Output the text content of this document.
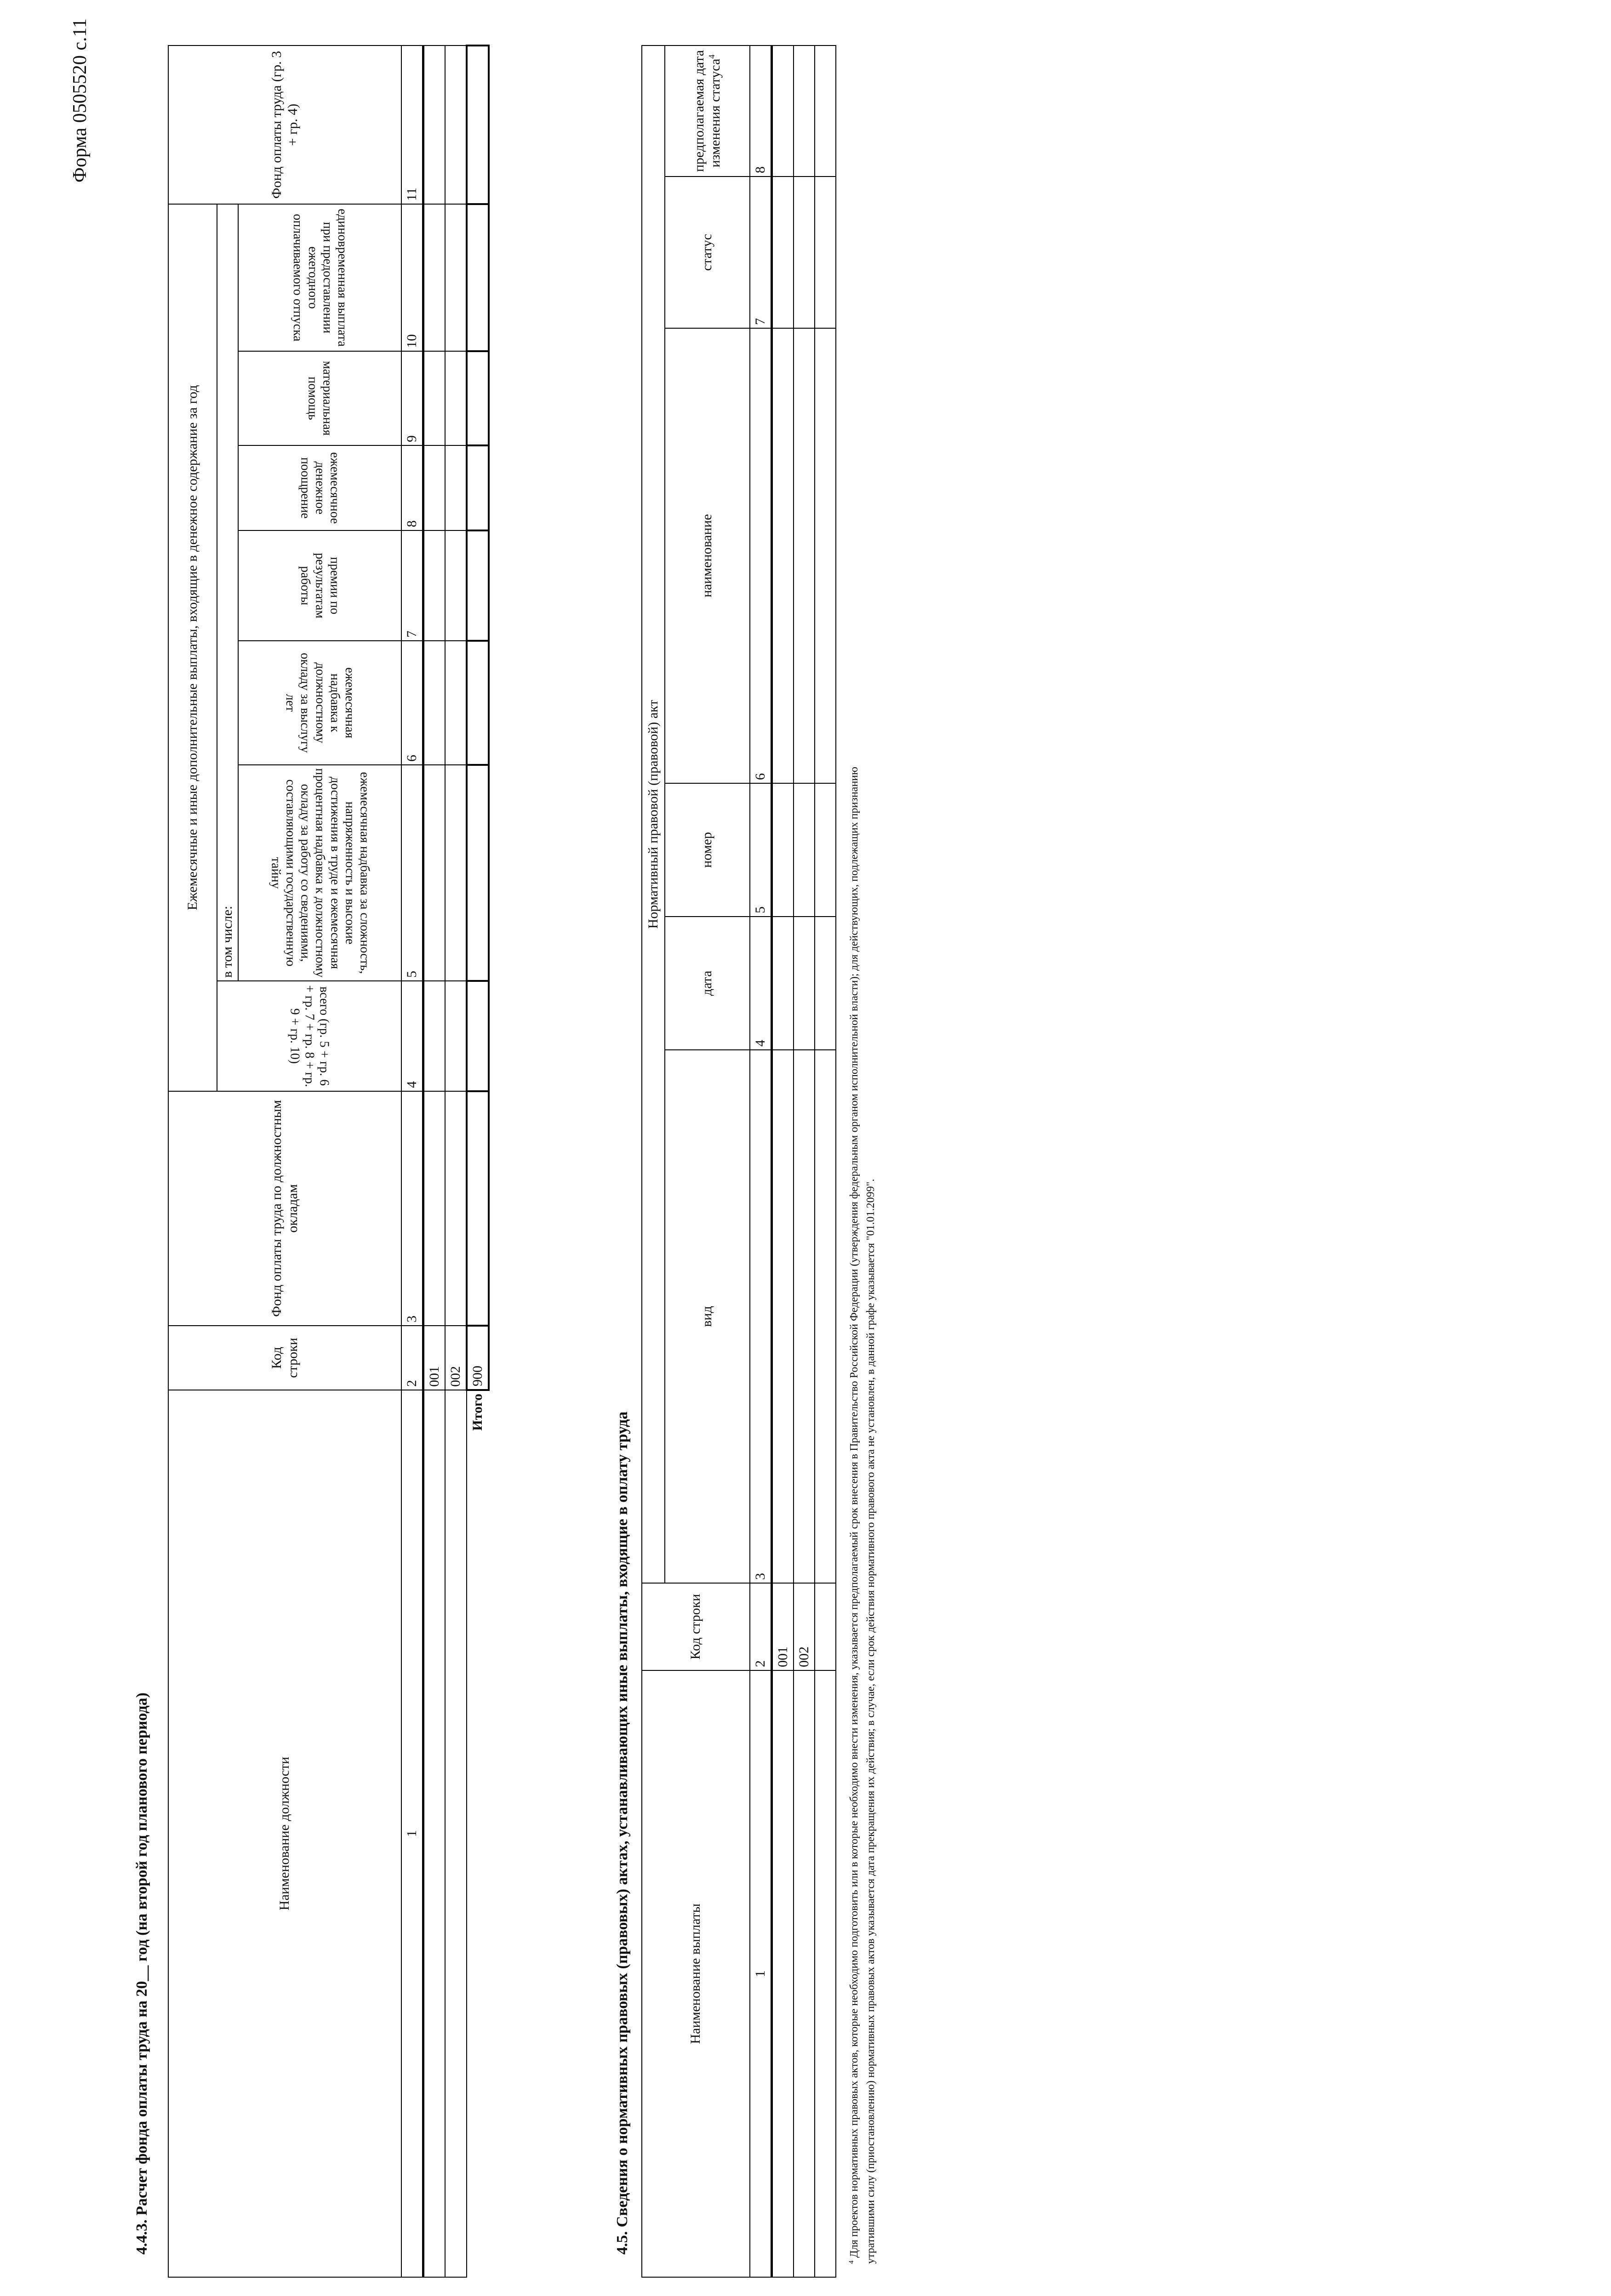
Форма 0505520 с.11
4.4.3. Расчет фонда оплаты труда на 20__ год (на второй год планового периода)	Наименование должности	Код строки	Фонд оплаты труда по должностным окладам	Ежемесячные и иные дополнительные выплаты, входящие в денежное содержание за год							Фонд оплаты труда (гр. 3 + гр. 4)
			всего (гр. 5 + гр. 6 + гр. 7 + гр. 8 + гр. 9 + гр. 10)	в том числе:						
				ежемесячная надбавка за сложность, напряженность и высокие достижения в труде и ежемесячная процентная надбавка к должностному окладу за работу со сведениями, составляющими государственную тайну	ежемесячная надбавка к должностному окладу за выслугу лет	премии по результатам работы	ежемесячное денежное поощрение	материальная помощь	единовременная выплата при предоставлении ежегодного оплачиваемого отпуска	
1	2	3	4	5	6	7	8	9	10	11
	001									
	002									
Итого	900									
4.5. Сведения о нормативных правовых (правовых) актах, устанавливающих иные выплаты, входящие в оплату труда	Наименование выплаты	Код строки	Нормативный правовой (правовой) акт					
		вид	дата	номер	наименование	статус	предполагаемая дата изменения статуса$^4$
1	2	3	4	5	6	7	8
	001						
	002						

$^4$ Для проектов нормативных правовых актов, которые необходимо подготовить или в которые необходимо внести изменения, указывается предполагаемый срок внесения в Правительство Российской Федерации (утверждения федеральным органом исполнительной власти); для действующих, подлежащих признанию утратившими силу (приостановлению) нормативных правовых актов указывается дата прекращения их действия; в случае, если срок действия нормативного правового акта не установлен, в данной графе указывается "01.01.2099".
